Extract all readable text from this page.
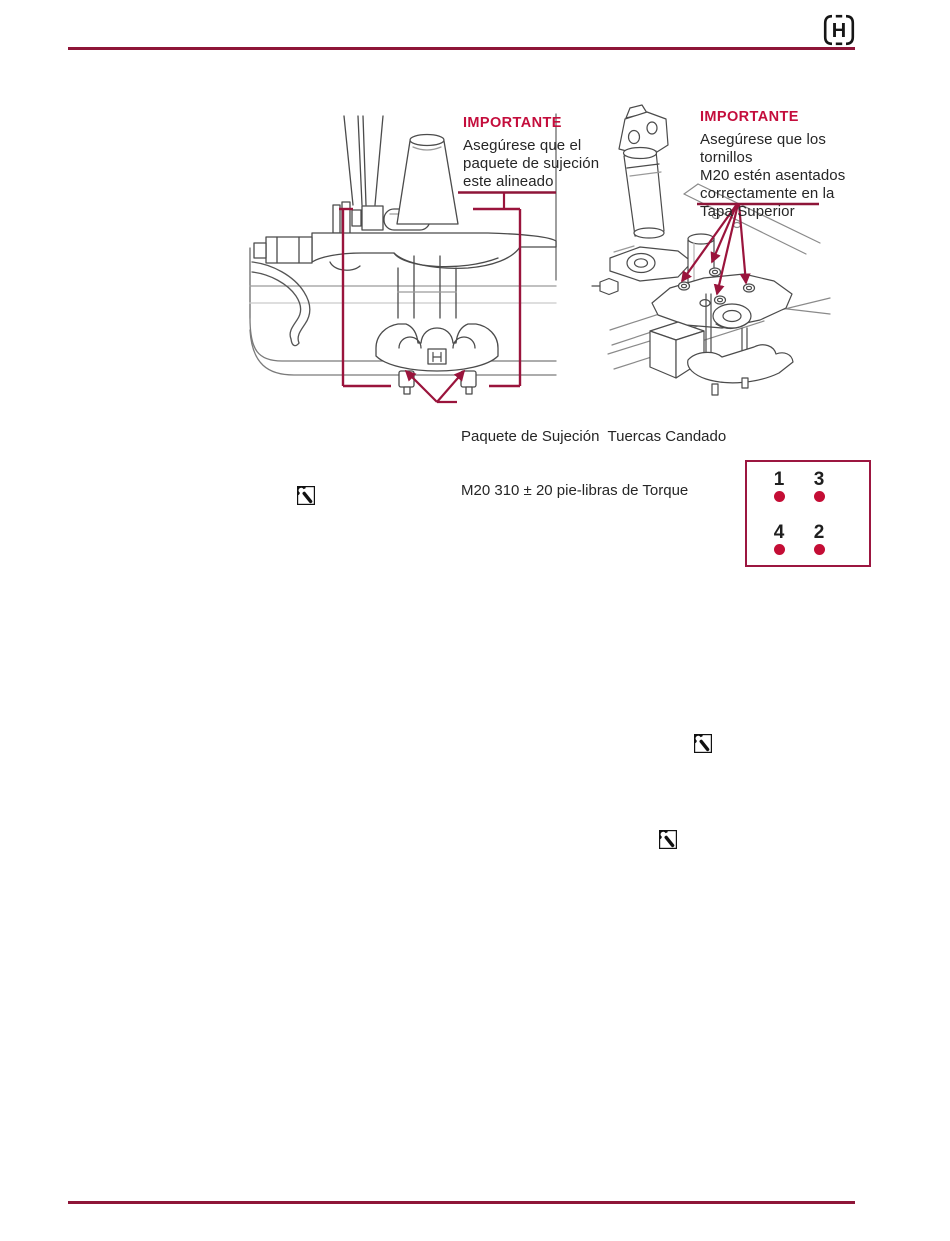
H
IMPORTANTE
Asegúrese que el
paquete de sujeción
este alineado
IMPORTANTE
Asegúrese que los tornillos
M20 estén asentados
correctamente en la
Tapa Superior

Paquete de Sujeción  Tuercas Candado

M20 310 ± 20 pie-libras de Torque

1	3
4	2
